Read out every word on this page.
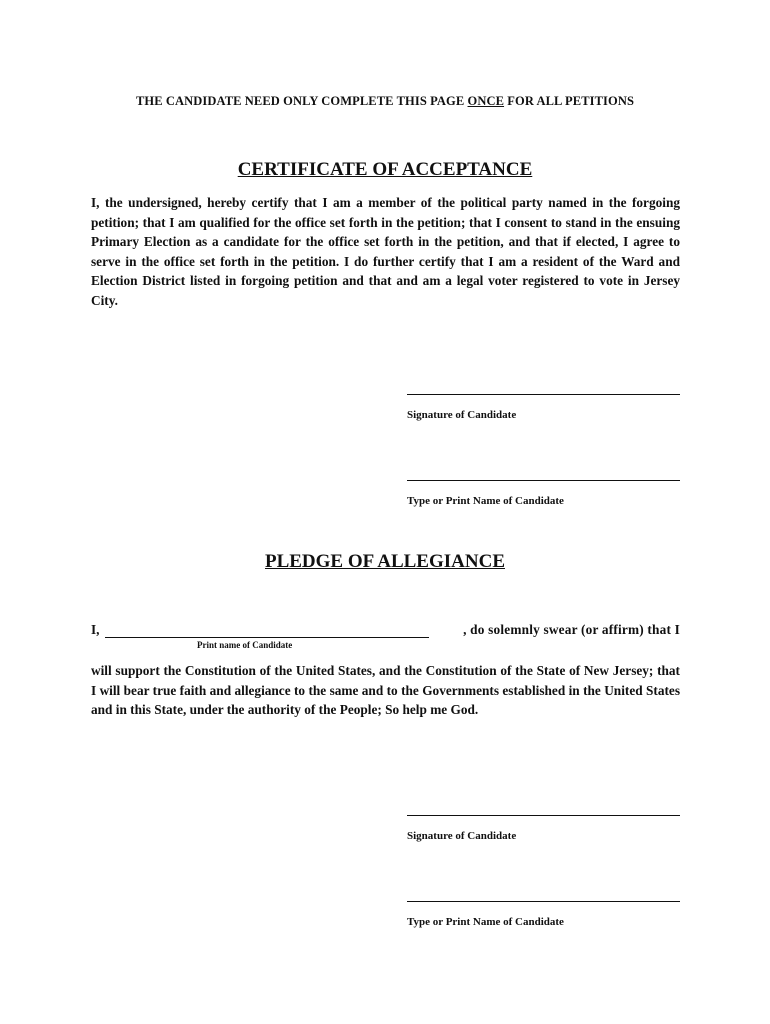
THE CANDIDATE NEED ONLY COMPLETE THIS PAGE ONCE FOR ALL PETITIONS
CERTIFICATE OF ACCEPTANCE

I, the undersigned, hereby certify that I am a member of the political party named in the forgoing petition; that I am qualified for the office set forth in the petition; that I consent to stand in the ensuing Primary Election as a candidate for the office set forth in the petition, and that if elected, I agree to serve in the office set forth in the petition. I do further certify that I am a resident of the Ward and Election District listed in forgoing petition and that and am a legal voter registered to vote in Jersey City.

Signature of Candidate
Type or Print Name of Candidate
PLEDGE OF ALLEGIANCE
I,	, do solemnly swear (or affirm) that I
Print name of Candidate

will support the Constitution of the United States, and the Constitution of the State of New Jersey; that I will bear true faith and allegiance to the same and to the Governments established in the United States and in this State, under the authority of the People; So help me God.

Signature of Candidate
Type or Print Name of Candidate
